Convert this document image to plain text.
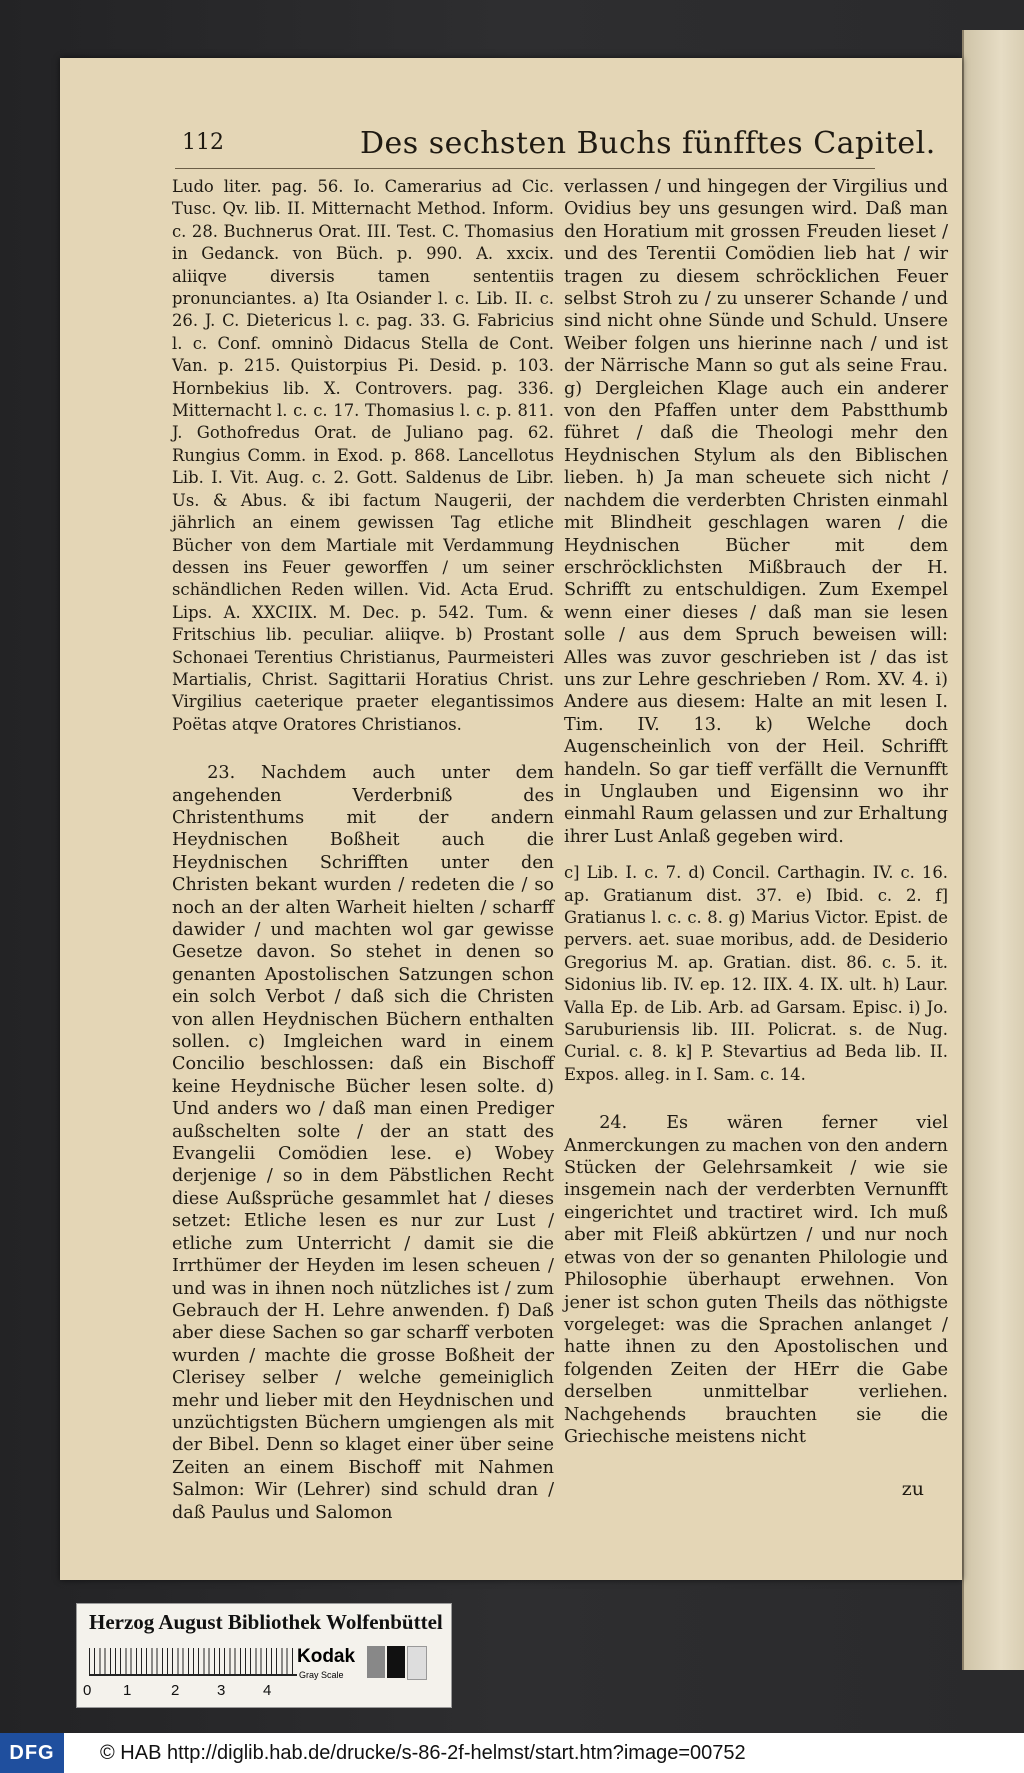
112	Des sechsten Buchs fünfftes Capitel.

Ludo liter. pag. 56. Io. Camerarius ad Cic. Tusc. Qv. lib. II. Mitternacht Method. Inform. c. 28. Buchnerus Orat. III. Test. C. Thomasius in Gedanck. von Büch. p. 990. A. xxcix. aliiqve diversis tamen sententiis pronunciantes. a) Ita Osiander l. c. Lib. II. c. 26. J. C. Dietericus l. c. pag. 33. G. Fabricius l. c. Conf. omninò Didacus Stella de Cont. Van. p. 215. Quistorpius Pi. Desid. p. 103. Hornbekius lib. X. Controvers. pag. 336. Mitternacht l. c. c. 17. Thomasius l. c. p. 811. J. Gothofredus Orat. de Juliano pag. 62. Rungius Comm. in Exod. p. 868. Lancellotus Lib. I. Vit. Aug. c. 2. Gott. Saldenus de Libr. Us. & Abus. & ibi factum Naugerii, der jährlich an einem gewissen Tag etliche Bücher von dem Martiale mit Verdammung dessen ins Feuer geworffen / um seiner schändlichen Reden willen. Vid. Acta Erud. Lips. A. XXCIIX. M. Dec. p. 542. Tum. & Fritschius lib. peculiar. aliiqve. b) Prostant Schonaei Terentius Christianus, Paurmeisteri Martialis, Christ. Sagittarii Horatius Christ. Virgilius caeterique praeter elegantissimos Poëtas atqve Oratores Christianos.

23. Nachdem auch unter dem angehenden Verderbniß des Christenthums mit der andern Heydnischen Boßheit auch die Heydnischen Schrifften unter den Christen bekant wurden / redeten die / so noch an der alten Warheit hielten / scharff dawider / und machten wol gar gewisse Gesetze davon. So stehet in denen so genanten Apostolischen Satzungen schon ein solch Verbot / daß sich die Christen von allen Heydnischen Büchern enthalten sollen. c) Imgleichen ward in einem Concilio beschlossen: daß ein Bischoff keine Heydnische Bücher lesen solte. d) Und anders wo / daß man einen Prediger außschelten solte / der an statt des Evangelii Comödien lese. e) Wobey derjenige / so in dem Päbstlichen Recht diese Außsprüche gesammlet hat / dieses setzet: Etliche lesen es nur zur Lust / etliche zum Unterricht / damit sie die Irrthümer der Heyden im lesen scheuen / und was in ihnen noch nützliches ist / zum Gebrauch der H. Lehre anwenden. f) Daß aber diese Sachen so gar scharff verboten wurden / machte die grosse Boßheit der Clerisey selber / welche gemeiniglich mehr und lieber mit den Heydnischen und unzüchtigsten Büchern umgiengen als mit der Bibel. Denn so klaget einer über seine Zeiten an einem Bischoff mit Nahmen Salmon: Wir (Lehrer) sind schuld dran / daß Paulus und Salomon

verlassen / und hingegen der Virgilius und Ovidius bey uns gesungen wird. Daß man den Horatium mit grossen Freuden lieset / und des Terentii Comödien lieb hat / wir tragen zu diesem schröcklichen Feuer selbst Stroh zu / zu unserer Schande / und sind nicht ohne Sünde und Schuld. Unsere Weiber folgen uns hierinne nach / und ist der Närrische Mann so gut als seine Frau. g) Dergleichen Klage auch ein anderer von den Pfaffen unter dem Pabstthumb führet / daß die Theologi mehr den Heydnischen Stylum als den Biblischen lieben. h) Ja man scheuete sich nicht / nachdem die verderbten Christen einmahl mit Blindheit geschlagen waren / die Heydnischen Bücher mit dem erschröcklichsten Mißbrauch der H. Schrifft zu entschuldigen. Zum Exempel wenn einer dieses / daß man sie lesen solle / aus dem Spruch beweisen will: Alles was zuvor geschrieben ist / das ist uns zur Lehre geschrieben / Rom. XV. 4. i) Andere aus diesem: Halte an mit lesen I. Tim. IV. 13. k) Welche doch Augenscheinlich von der Heil. Schrifft handeln. So gar tieff verfällt die Vernunfft in Unglauben und Eigensinn wo ihr einmahl Raum gelassen und zur Erhaltung ihrer Lust Anlaß gegeben wird.

c] Lib. I. c. 7. d) Concil. Carthagin. IV. c. 16. ap. Gratianum dist. 37. e) Ibid. c. 2. f] Gratianus l. c. c. 8. g) Marius Victor. Epist. de pervers. aet. suae moribus, add. de Desiderio Gregorius M. ap. Gratian. dist. 86. c. 5. it. Sidonius lib. IV. ep. 12. IIX. 4. IX. ult. h) Laur. Valla Ep. de Lib. Arb. ad Garsam. Episc. i) Jo. Saruburiensis lib. III. Policrat. s. de Nug. Curial. c. 8. k] P. Stevartius ad Beda lib. II. Expos. alleg. in I. Sam. c. 14.

24. Es wären ferner viel Anmerckungen zu machen von den andern Stücken der Gelehrsamkeit / wie sie insgemein nach der verderbten Vernunfft eingerichtet und tractiret wird. Ich muß aber mit Fleiß abkürtzen / und nur noch etwas von der so genanten Philologie und Philosophie überhaupt erwehnen. Von jener ist schon guten Theils das nöthigste vorgeleget: was die Sprachen anlanget / hatte ihnen zu den Apostolischen und folgenden Zeiten der HErr die Gabe derselben unmittelbar verliehen. Nachgehends brauchten sie die Griechische meistens nicht

zu
Herzog August Bibliothek Wolfenbüttel
0 1	2	3	4
Kodak
Gray Scale
DFG	© HAB http://diglib.hab.de/drucke/s-86-2f-helmst/start.htm?image=00752
